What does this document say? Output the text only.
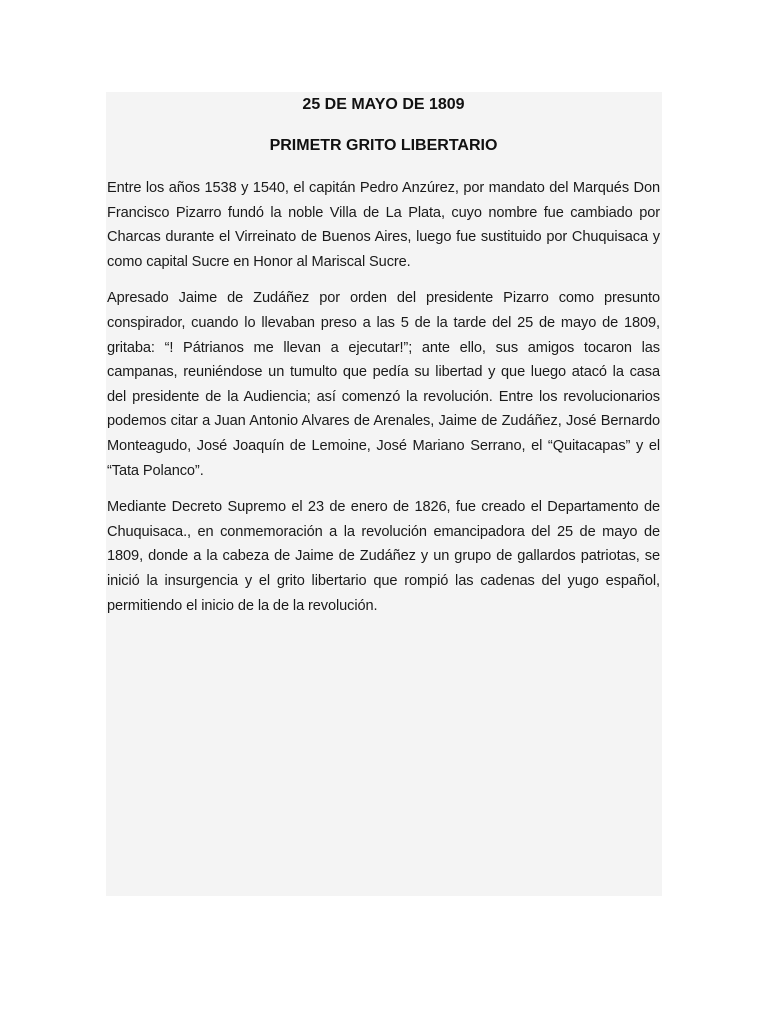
25 DE MAYO DE 1809
PRIMETR GRITO LIBERTARIO

Entre los años 1538 y 1540, el capitán Pedro Anzúrez, por mandato del Marqués Don Francisco Pizarro fundó la noble Villa de La Plata, cuyo nombre fue cambiado por Charcas durante el Virreinato de Buenos Aires, luego fue sustituido por Chuquisaca y como capital Sucre en Honor al Mariscal Sucre.

Apresado Jaime de Zudáñez por orden del presidente Pizarro como presunto conspirador, cuando lo llevaban preso a las 5 de la tarde del 25 de mayo de 1809, gritaba: “! Pátrianos me llevan a ejecutar!”; ante ello, sus amigos tocaron las campanas, reuniéndose un tumulto que pedía su libertad y que luego atacó la casa del presidente de la Audiencia; así comenzó la revolución. Entre los revolucionarios podemos citar a Juan Antonio Alvares de Arenales, Jaime de Zudáñez, José Bernardo Monteagudo, José Joaquín de Lemoine, José Mariano Serrano, el “Quitacapas” y el “Tata Polanco”.

Mediante Decreto Supremo el 23 de enero de 1826, fue creado el Departamento de Chuquisaca., en conmemoración a la revolución emancipadora del 25 de mayo de 1809, donde a la cabeza de Jaime de Zudáñez y un grupo de gallardos patriotas, se inició la insurgencia y el grito libertario que rompió las cadenas del yugo español, permitiendo el inicio de la de la revolución.
